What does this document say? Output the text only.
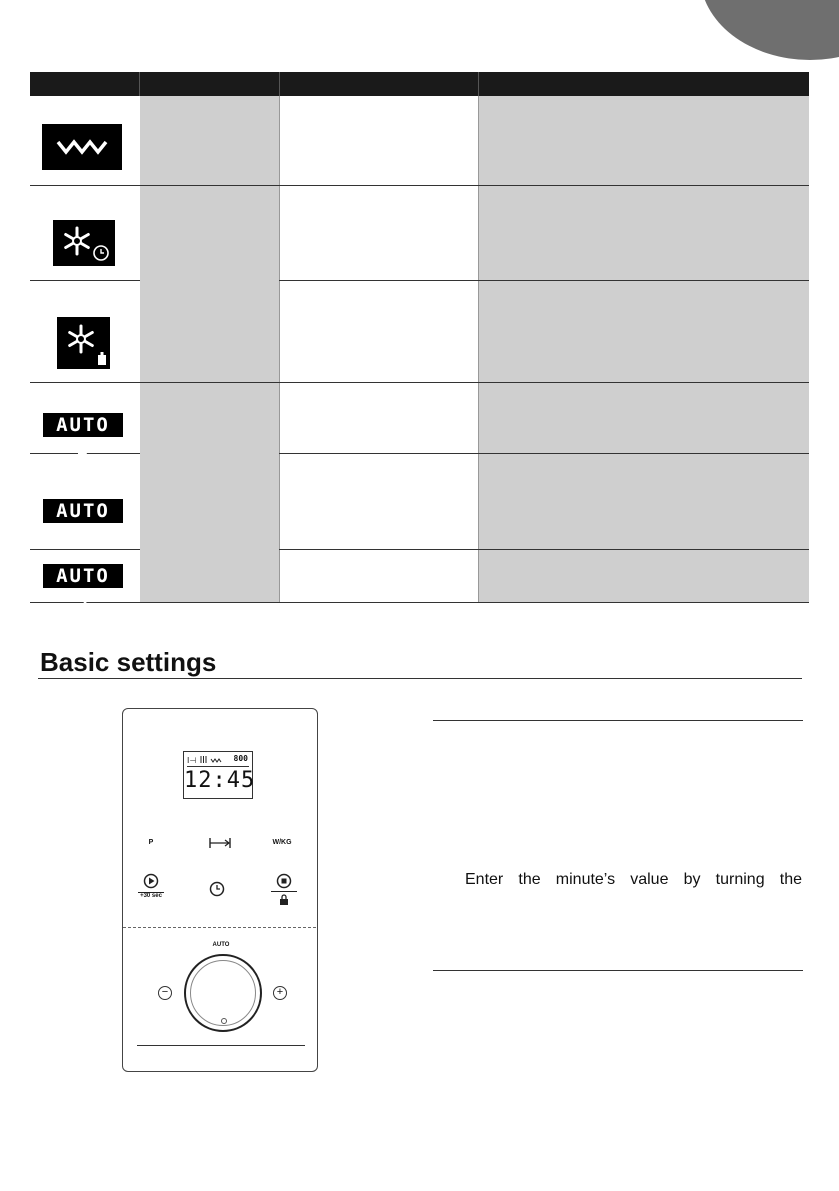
AUTO 1
AUTO 2
AUTO 3
Basic settings
I⊣	800
12:45
P	W/KG
+30 sec
AUTO
−	+
Enter the minute’s value by turning the
